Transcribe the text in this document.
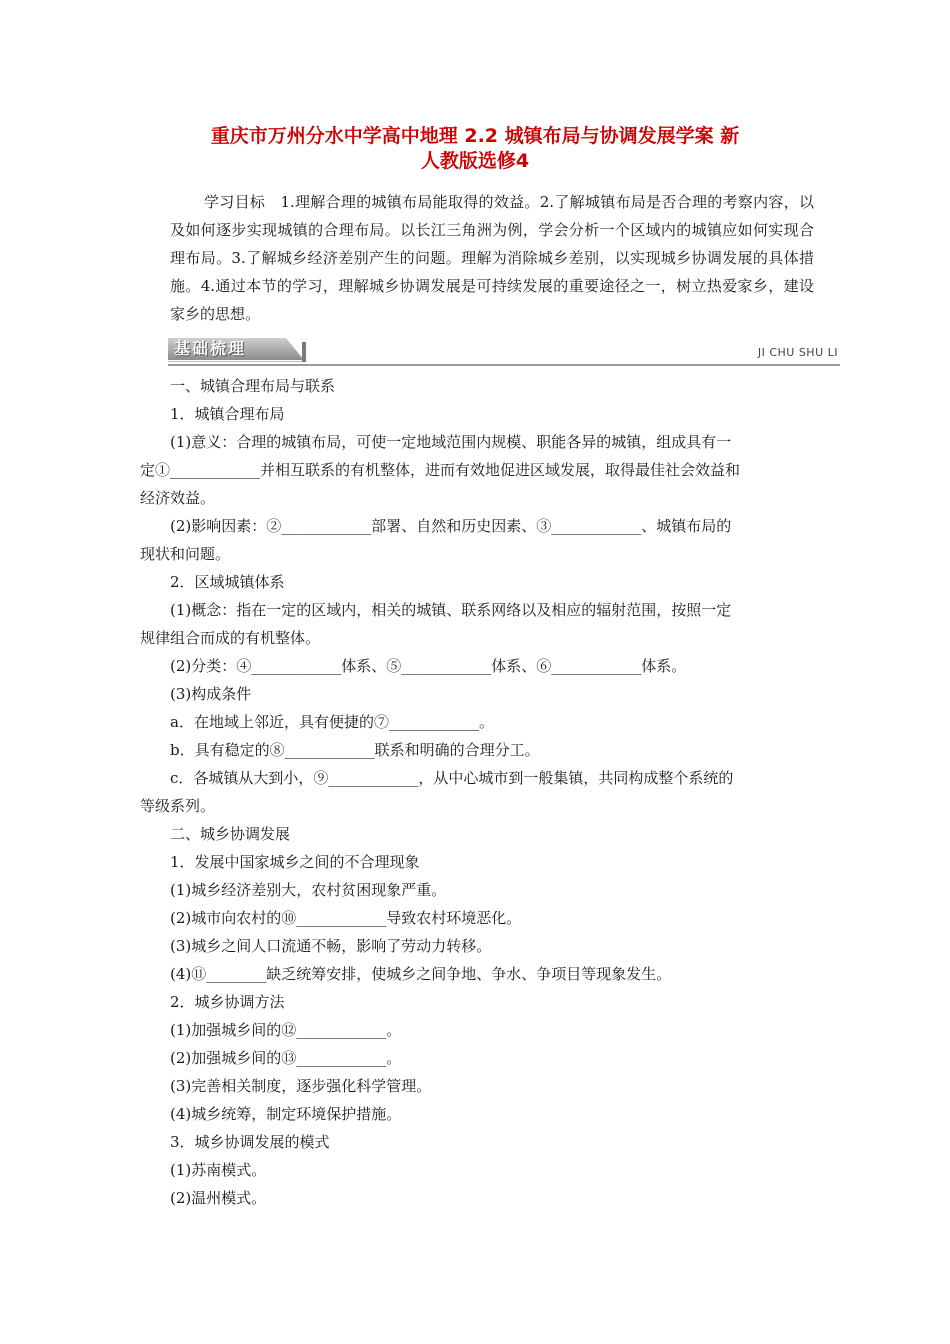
重庆市万州分水中学高中地理 2.2 城镇布局与协调发展学案 新
人教版选修4
学习目标　1.理解合理的城镇布局能取得的效益。2.了解城镇布局是否合理的考察内容，以及如何逐步实现城镇的合理布局。以长江三角洲为例，学会分析一个区域内的城镇应如何实现合理布局。3.了解城乡经济差别产生的问题。理解为消除城乡差别，以实现城乡协调发展的具体措施。4.通过本节的学习，理解城乡协调发展是可持续发展的重要途径之一，树立热爱家乡，建设家乡的思想。
基础梳理	JI CHU SHU LI
一、城镇合理布局与联系
1．城镇合理布局
(1)意义：合理的城镇布局，可使一定地域范围内规模、职能各异的城镇，组成具有一
定①____________并相互联系的有机整体，进而有效地促进区域发展，取得最佳社会效益和
经济效益。
(2)影响因素：②____________部署、自然和历史因素、③____________、城镇布局的
现状和问题。
2．区域城镇体系
(1)概念：指在一定的区域内，相关的城镇、联系网络以及相应的辐射范围，按照一定
规律组合而成的有机整体。
(2)分类：④____________体系、⑤____________体系、⑥____________体系。
(3)构成条件
a．在地域上邻近，具有便捷的⑦____________。
b．具有稳定的⑧____________联系和明确的合理分工。
c．各城镇从大到小，⑨____________，从中心城市到一般集镇，共同构成整个系统的
等级系列。
二、城乡协调发展
1．发展中国家城乡之间的不合理现象
(1)城乡经济差别大，农村贫困现象严重。
(2)城市向农村的⑩____________导致农村环境恶化。
(3)城乡之间人口流通不畅，影响了劳动力转移。
(4)⑪________缺乏统筹安排，使城乡之间争地、争水、争项目等现象发生。
2．城乡协调方法
(1)加强城乡间的⑫____________。
(2)加强城乡间的⑬____________。
(3)完善相关制度，逐步强化科学管理。
(4)城乡统筹，制定环境保护措施。
3．城乡协调发展的模式
(1)苏南模式。
(2)温州模式。
